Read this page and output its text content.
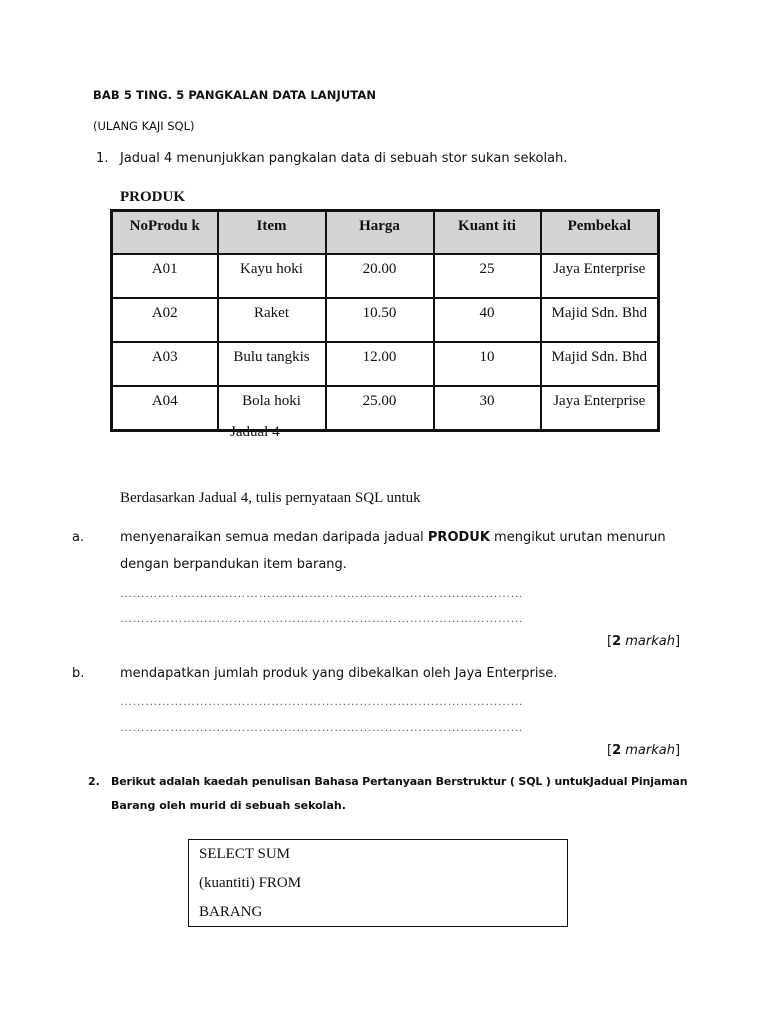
BAB 5 TING. 5 PANGKALAN DATA LANJUTAN
(ULANG KAJI SQL)
1. Jadual 4 menunjukkan pangkalan data di sebuah stor sukan sekolah.
PRODUK
NoProdu k	Item	Harga	Kuant iti	Pembekal
A01	Kayu hoki	20.00	25	Jaya Enterprise
A02	Raket	10.50	40	Majid Sdn. Bhd
A03	Bulu tangkis	12.00	10	Majid Sdn. Bhd
A04	Bola hoki	25.00	30	Jaya Enterprise
Jadual 4
Berdasarkan Jadual 4, tulis pernyataan SQL untuk
a.	menyenaraikan semua medan daripada jadual PRODUK mengikut urutan menurun
dengan berpandukan item barang.
……………………………………………………………………………………
……………………………………………………………………………………
[2 markah]
b.	mendapatkan jumlah produk yang dibekalkan oleh Jaya Enterprise.
……………………………………………………………………………………
……………………………………………………………………………………
[2 markah]
2. Berikut adalah kaedah penulisan Bahasa Pertanyaan Berstruktur ( SQL ) untukJadual Pinjaman
Barang oleh murid di sebuah sekolah.
SELECT SUM
(kuantiti) FROM
BARANG
